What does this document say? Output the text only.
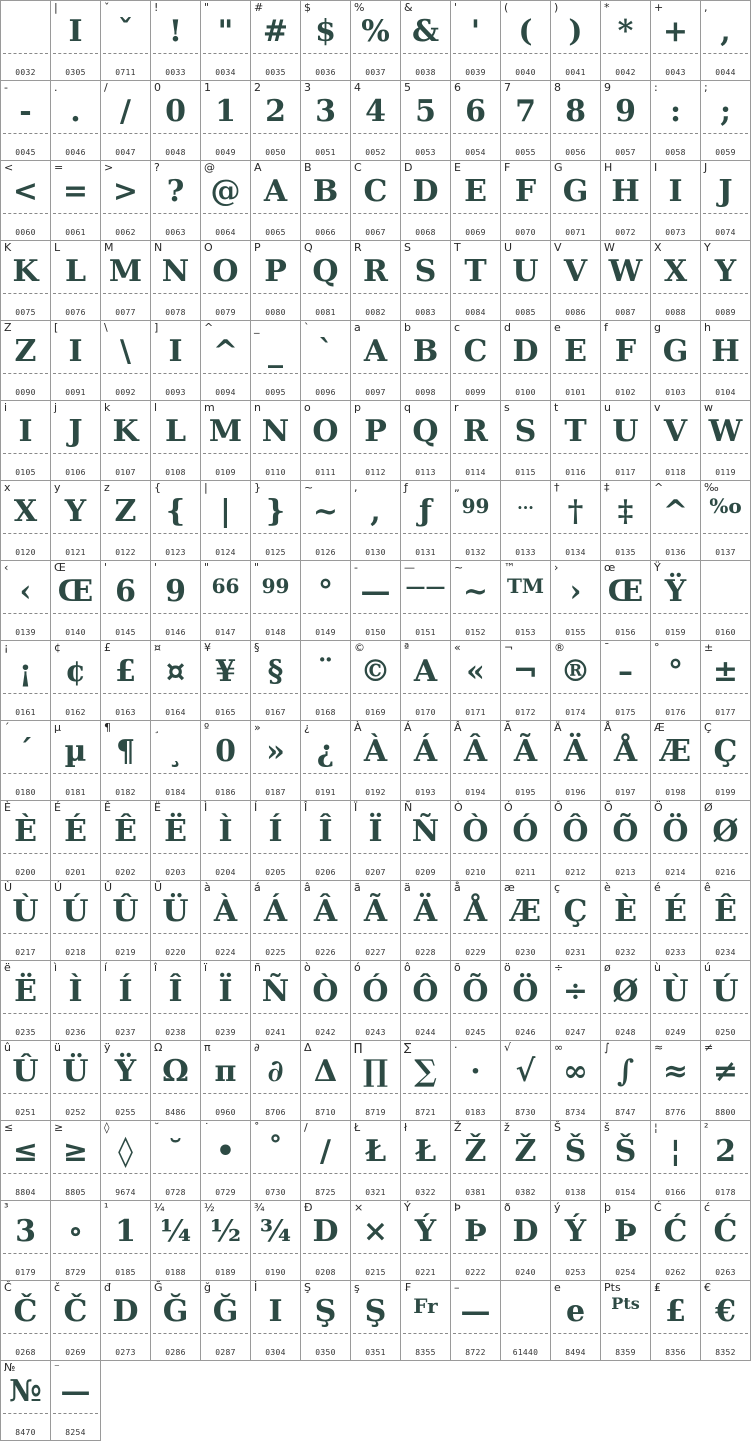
0032
|
I
0305
ˇ
ˇ
0711
!
!
0033
"
"
0034
#
#
0035
$
$
0036
%
%
0037
&
&
0038
'
'
0039
(
(
0040
)
)
0041
*
*
0042
+
+
0043
,
,
0044
-
-
0045
.
.
0046
/
/
0047
0
0
0048
1
1
0049
2
2
0050
3
3
0051
4
4
0052
5
5
0053
6
6
0054
7
7
0055
8
8
0056
9
9
0057
:
:
0058
;
;
0059
<
<
0060
=
=
0061
>
>
0062
?
?
0063
@
@
0064
A
A
0065
B
B
0066
C
C
0067
D
D
0068
E
E
0069
F
F
0070
G
G
0071
H
H
0072
I
I
0073
J
J
0074
K
K
0075
L
L
0076
M
M
0077
N
N
0078
O
O
0079
P
P
0080
Q
Q
0081
R
R
0082
S
S
0083
T
T
0084
U
U
0085
V
V
0086
W
W
0087
X
X
0088
Y
Y
0089
Z
Z
0090
[
I
0091
\
\
0092
]
I
0093
^
^
0094
_
_
0095
`
`
0096
a
A
0097
b
B
0098
c
C
0099
d
D
0100
e
E
0101
f
F
0102
g
G
0103
h
H
0104
i
I
0105
j
J
0106
k
K
0107
l
L
0108
m
M
0109
n
N
0110
o
O
0111
p
P
0112
q
Q
0113
r
R
0114
s
S
0115
t
T
0116
u
U
0117
v
V
0118
w
W
0119
x
X
0120
y
Y
0121
z
Z
0122
{
{
0123
|
|
0124
}
}
0125
~
~
0126
,
,
0130
ƒ
ƒ
0131
„
99
0132
...
0133
†
†
0134
‡
‡
0135
^
^
0136
‰
%o
0137
‹
‹
0139
Œ
Œ
0140
'
6
0145
'
9
0146
"
66
0147
"
99
0148
°
0149
-
—
0150
—
——
0151
~
~
0152
™
TM
0153
›
›
0155
œ
Œ
0156
Ÿ
Ÿ
0159	0160
¡
¡
0161
¢
¢
0162
£
£
0163
¤
¤
0164
¥
¥
0165
§
§
0167
¨
0168
©
©
0169
ª
A
0170
«
«
0171
¬
¬
0172
®
®
0174
¯
–
0175
°
°
0176
±
±
0177
´
´
0180
µ
µ
0181
¶
¶
0182
¸
¸
0184
º
0
0186
»
»
0187
¿
¿
0191
À
À
0192
Á
Á
0193
Â
Â
0194
Ã
Ã
0195
Ä
Ä
0196
Å
Å
0197
Æ
Æ
0198
Ç
Ç
0199
È
È
0200
É
É
0201
Ê
Ê
0202
Ë
Ë
0203
Ì
Ì
0204
Í
Í
0205
Î
Î
0206
Ï
Ï
0207
Ñ
Ñ
0209
Ò
Ò
0210
Ó
Ó
0211
Ô
Ô
0212
Õ
Õ
0213
Ö
Ö
0214
Ø
Ø
0216
Ù
Ù
0217
Ú
Ú
0218
Û
Û
0219
Ü
Ü
0220
à
À
0224
á
Á
0225
â
Â
0226
ã
Ã
0227
ä
Ä
0228
å
Å
0229
æ
Æ
0230
ç
Ç
0231
è
È
0232
é
É
0233
ê
Ê
0234
ë
Ë
0235
ì
Ì
0236
í
Í
0237
î
Î
0238
ï
Ï
0239
ñ
Ñ
0241
ò
Ò
0242
ó
Ó
0243
ô
Ô
0244
õ
Õ
0245
ö
Ö
0246
÷
÷
0247
ø
Ø
0248
ù
Ù
0249
ú
Ú
0250
û
Û
0251
ü
Ü
0252
ÿ
Ÿ
0255
Ω
Ω
8486
π
π
0960
∂
∂
8706
Δ
Δ
8710
∏
∏
8719
∑
∑
8721
·
·
0183
√
√
8730
∞
∞
8734
∫
∫
8747
≈
≈
8776
≠
≠
8800
≤
≤
8804
≥
≥
8805
◊
◊
9674
˘
˘
0728
˙
•
0729
˚
˚
0730
/
/
8725
Ł
Ł
0321
ł
Ł
0322
Ž
Ž
0381
ž
Ž
0382
Š
Š
0138
š
Š
0154
¦
¦
0166
²
2
0178
³
3
0179
∘
8729
¹
1
0185
¼
¼
0188
½
½
0189
¾
¾
0190
Đ
D
0208
×
×
0215
Ý
Ý
0221
Þ
Þ
0222
ð
D
0240
ý
Ý
0253
þ
Þ
0254
Ć
Ć
0262
ć
Ć
0263
Č
Č
0268
č
Č
0269
đ
D
0273
Ğ
Ğ
0286
ğ
Ğ
0287
İ
I
0304
Ş
Ş
0350
ş
Ş
0351
₣
Fr
8355
–
—
8722	61440
e
e
8494
Pts
Pts
8359
₤
£
8356
€
€
8352
№
№
8470
⁻
—
8254
